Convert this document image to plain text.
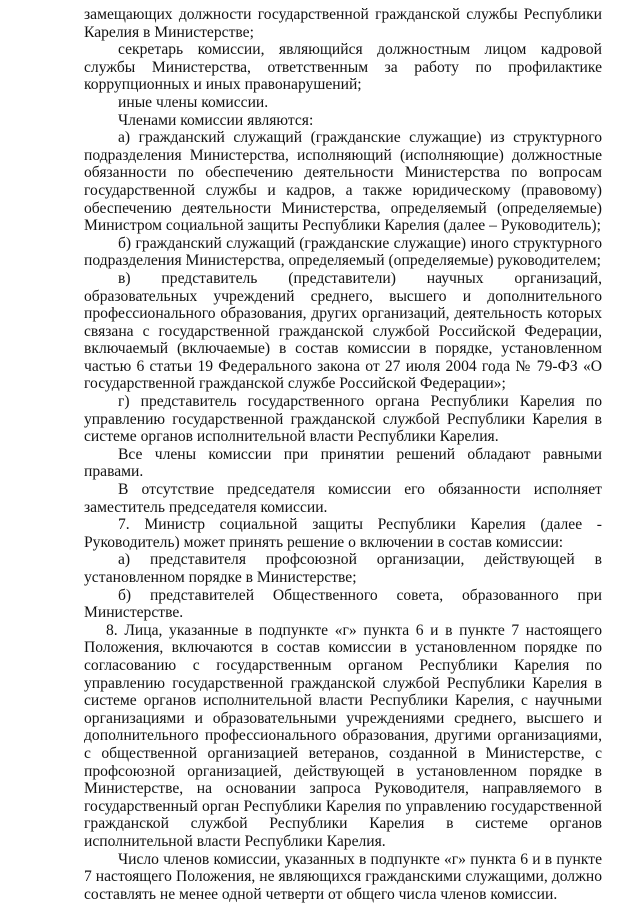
замещающих должности государственной гражданской службы Республики Карелия в Министерстве;

секретарь комиссии, являющийся должностным лицом кадровой службы Министерства, ответственным за работу по профилактике коррупционных и иных правонарушений;

иные члены комиссии.

Членами комиссии являются:

а) гражданский служащий (гражданские служащие) из структурного подразделения Министерства, исполняющий (исполняющие) должностные обязанности по обеспечению деятельности Министерства по вопросам государственной службы и кадров, а также юридическому (правовому) обеспечению деятельности Министерства, определяемый (определяемые) Министром социальной защиты Республики Карелия (далее – Руководитель);

б) гражданский служащий (гражданские служащие) иного структурного подразделения Министерства, определяемый (определяемые) руководителем;

в) представитель (представители) научных организаций, образовательных учреждений среднего, высшего и дополнительного профессионального образования, других организаций, деятельность которых связана с государственной гражданской службой Российской Федерации, включаемый (включаемые) в состав комиссии в порядке, установленном частью 6 статьи 19 Федерального закона от 27 июля 2004 года № 79-ФЗ «О государственной гражданской службе Российской Федерации»;

г) представитель государственного органа Республики Карелия по управлению государственной гражданской службой Республики Карелия в системе органов исполнительной власти Республики Карелия.

Все члены комиссии при принятии решений обладают равными правами.

В отсутствие председателя комиссии его обязанности исполняет заместитель председателя комиссии.

7. Министр социальной защиты Республики Карелия (далее - Руководитель) может принять решение о включении в состав комиссии:

а) представителя профсоюзной организации, действующей в установленном порядке в Министерстве;

б) представителей Общественного совета, образованного при Министерстве.

8. Лица, указанные в подпункте «г» пункта 6 и в пункте 7 настоящего Положения, включаются в состав комиссии в установленном порядке по согласованию с государственным органом Республики Карелия по управлению государственной гражданской службой Республики Карелия в системе органов исполнительной власти Республики Карелия, с научными организациями и образовательными учреждениями среднего, высшего и дополнительного профессионального образования, другими организациями, с общественной организацией ветеранов, созданной в Министерстве, с профсоюзной организацией, действующей в установленном порядке в Министерстве, на основании запроса Руководителя, направляемого в государственный орган Республики Карелия по управлению государственной гражданской службой Республики Карелия в системе органов исполнительной власти Республики Карелия.

Число членов комиссии, указанных в подпункте «г» пункта 6 и в пункте 7 настоящего Положения, не являющихся гражданскими служащими, должно составлять не менее одной четверти от общего числа членов комиссии.
